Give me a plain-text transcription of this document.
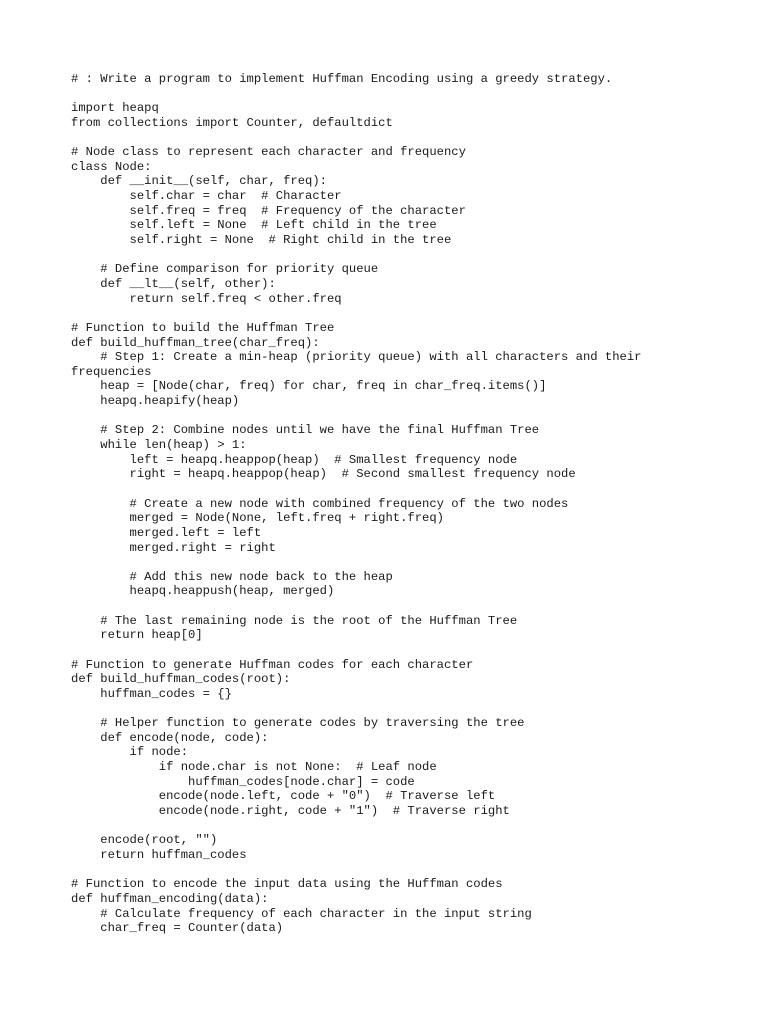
# : Write a program to implement Huffman Encoding using a greedy strategy.
import heapq
from collections import Counter, defaultdict
# Node class to represent each character and frequency
class Node:
def __init__(self, char, freq):
self.char = char  # Character
self.freq = freq  # Frequency of the character
self.left = None  # Left child in the tree
self.right = None  # Right child in the tree
# Define comparison for priority queue
def __lt__(self, other):
return self.freq < other.freq
# Function to build the Huffman Tree
def build_huffman_tree(char_freq):
# Step 1: Create a min-heap (priority queue) with all characters and their
frequencies
heap = [Node(char, freq) for char, freq in char_freq.items()]
heapq.heapify(heap)
# Step 2: Combine nodes until we have the final Huffman Tree
while len(heap) > 1:
left = heapq.heappop(heap)  # Smallest frequency node
right = heapq.heappop(heap)  # Second smallest frequency node
# Create a new node with combined frequency of the two nodes
merged = Node(None, left.freq + right.freq)
merged.left = left
merged.right = right
# Add this new node back to the heap
heapq.heappush(heap, merged)
# The last remaining node is the root of the Huffman Tree
return heap[0]
# Function to generate Huffman codes for each character
def build_huffman_codes(root):
huffman_codes = {}
# Helper function to generate codes by traversing the tree
def encode(node, code):
if node:
if node.char is not None:  # Leaf node
huffman_codes[node.char] = code
encode(node.left, code + "0")  # Traverse left
encode(node.right, code + "1")  # Traverse right
encode(root, "")
return huffman_codes
# Function to encode the input data using the Huffman codes
def huffman_encoding(data):
# Calculate frequency of each character in the input string
char_freq = Counter(data)
